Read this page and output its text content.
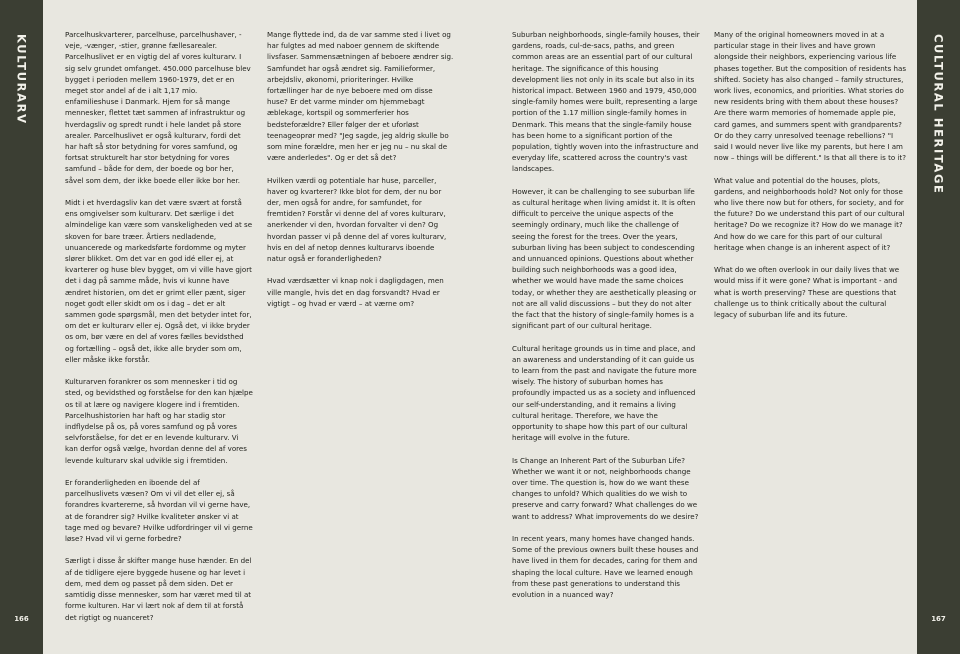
KULTURARV
166

Parcelhuskvarterer, parcelhuse, parcelhushaver, -veje, -vænger, -stier, grønne fællesarealer. Parcelhuslivet er en vigtig del af vores kulturarv. I sig selv grundet omfanget. 450.000 parcelhuse blev bygget i perioden mellem 1960-1979, det er en meget stor andel af de i alt 1,17 mio. enfamilieshuse i Danmark. Hjem for så mange mennesker, flettet tæt sammen af infrastruktur og hverdagsliv og spredt rundt i hele landet på store arealer. Parcelhuslivet er også kulturarv, fordi det har haft så stor betydning for vores samfund, og fortsat strukturelt har stor betydning for vores samfund – både for dem, der boede og bor her, såvel som dem, der ikke boede eller ikke bor her.

Midt i et hverdagsliv kan det være svært at forstå ens omgivelser som kulturarv. Det særlige i det almindelige kan være som vanskeligheden ved at se skoven for bare træer. Årtiers nedladende, unuancerede og markedsførte fordomme og myter slører blikket. Om det var en god idé eller ej, at kvarterer og huse blev bygget, om vi ville have gjort det i dag på samme måde, hvis vi kunne have ændret historien, om det er grimt eller pænt, siger noget godt eller skidt om os i dag – det er alt sammen gode spørgsmål, men det betyder intet for, om det er kulturarv eller ej. Også det, vi ikke bryder os om, bør være en del af vores fælles bevidsthed og fortælling – også det, ikke alle bryder som om, eller måske ikke forstår.

Kulturarven forankrer os som mennesker i tid og sted, og bevidsthed og forståelse for den kan hjælpe os til at lære og navigere klogere ind i fremtiden. Parcelhushistorien har haft og har stadig stor indflydelse på os, på vores samfund og på vores selvforståelse, for det er en levende kulturarv. Vi kan derfor også vælge, hvordan denne del af vores levende kulturarv skal udvikle sig i fremtiden.

Er foranderligheden en iboende del af parcelhuslivets væsen? Om vi vil det eller ej, så forandres kvartererne, så hvordan vil vi gerne have, at de forandrer sig? Hvilke kvaliteter ønsker vi at tage med og bevare? Hvilke udfordringer vil vi gerne løse? Hvad vil vi gerne forbedre?

Særligt i disse år skifter mange huse hænder. En del af de tidligere ejere byggede husene og har levet i dem, med dem og passet på dem siden. Det er samtidig disse mennesker, som har været med til at forme kulturen. Har vi lært nok af dem til at forstå det rigtigt og nuanceret?

Mange flyttede ind, da de var samme sted i livet og har fulgtes ad med naboer gennem de skiftende livsfaser. Sammensætningen af beboere ændrer sig. Samfundet har også ændret sig. Familieformer, arbejdsliv, økonomi, prioriteringer. Hvilke fortællinger har de nye beboere med om disse huse? Er det varme minder om hjemmebagt æblekage, kortspil og sommerferier hos bedsteforældre? Eller følger der et uforløst teenageoprør med? "Jeg sagde, jeg aldrig skulle bo som mine forældre, men her er jeg nu – nu skal de være anderledes". Og er det så det?

Hvilken værdi og potentiale har huse, parceller, haver og kvarterer? Ikke blot for dem, der nu bor der, men også for andre, for samfundet, for fremtiden? Forstår vi denne del af vores kulturarv, anerkender vi den, hvordan forvalter vi den? Og hvordan passer vi på denne del af vores kulturarv, hvis en del af netop dennes kulturarvs iboende natur også er foranderligheden?

Hvad værdsætter vi knap nok i dagligdagen, men ville mangle, hvis det en dag forsvandt? Hvad er vigtigt – og hvad er værd – at værne om?

Suburban neighborhoods, single-family houses, their gardens, roads, cul-de-sacs, paths, and green common areas are an essential part of our cultural heritage. The significance of this housing development lies not only in its scale but also in its historical impact. Between 1960 and 1979, 450,000 single-family homes were built, representing a large portion of the 1.17 million single-family homes in Denmark. This means that the single-family house has been home to a significant portion of the population, tightly woven into the infrastructure and everyday life, scattered across the country's vast landscapes.

However, it can be challenging to see suburban life as cultural heritage when living amidst it. It is often difficult to perceive the unique aspects of the seemingly ordinary, much like the challenge of seeing the forest for the trees. Over the years, suburban living has been subject to condescending and unnuanced opinions. Questions about whether building such neighborhoods was a good idea, whether we would have made the same choices today, or whether they are aesthetically pleasing or not are all valid discussions – but they do not alter the fact that the history of single-family homes is a significant part of our cultural heritage.

Cultural heritage grounds us in time and place, and an awareness and understanding of it can guide us to learn from the past and navigate the future more wisely. The history of suburban homes has profoundly impacted us as a society and influenced our self-understanding, and it remains a living cultural heritage. Therefore, we have the opportunity to shape how this part of our cultural heritage will evolve in the future.

Is Change an Inherent Part of the Suburban Life? Whether we want it or not, neighborhoods change over time. The question is, how do we want these changes to unfold? Which qualities do we wish to preserve and carry forward? What challenges do we want to address? What improvements do we desire?

In recent years, many homes have changed hands. Some of the previous owners built these houses and have lived in them for decades, caring for them and shaping the local culture. Have we learned enough from these past generations to understand this evolution in a nuanced way?

Many of the original homeowners moved in at a particular stage in their lives and have grown alongside their neighbors, experiencing various life phases together. But the composition of residents has shifted. Society has also changed – family structures, work lives, economics, and priorities. What stories do new residents bring with them about these houses? Are there warm memories of homemade apple pie, card games, and summers spent with grandparents? Or do they carry unresolved teenage rebellions? "I said I would never live like my parents, but here I am now – things will be different." Is that all there is to it?

What value and potential do the houses, plots, gardens, and neighborhoods hold? Not only for those who live there now but for others, for society, and for the future? Do we understand this part of our cultural heritage? Do we recognize it? How do we manage it? And how do we care for this part of our cultural heritage when change is an inherent aspect of it?

What do we often overlook in our daily lives that we would miss if it were gone? What is important - and what is worth preserving? These are questions that challenge us to think critically about the cultural legacy of suburban life and its future.

CULTURAL HERITAGE
167
